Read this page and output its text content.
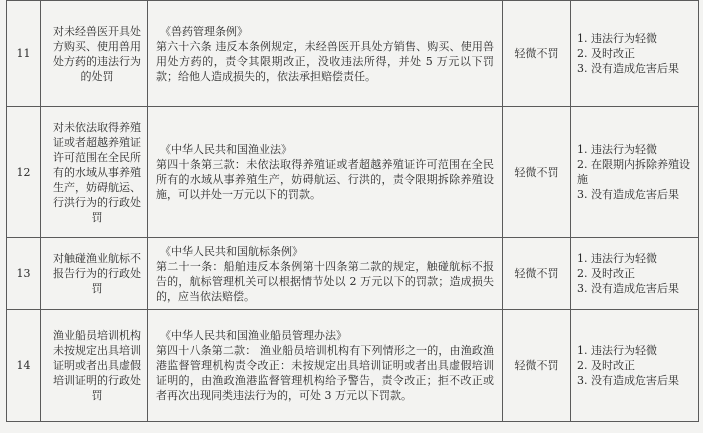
11	对未经兽医开具处方购买、使用兽用处方药的违法行为的处罚	《兽药管理条例》
第六十六条 违反本条例规定，未经兽医开具处方销售、购买、使用兽用处方药的，责令其限期改正，没收违法所得，并处 5 万元以下罚款；给他人造成损失的，依法承担赔偿责任。	轻微不罚	1. 违法行为轻微
2. 及时改正
3. 没有造成危害后果

12	对未依法取得养殖证或者超越养殖证许可范围在全民所有的水域从事养殖生产，妨碍航运、行洪行为的行政处罚	《中华人民共和国渔业法》
第四十条第三款：未依法取得养殖证或者超越养殖证许可范围在全民所有的水域从事养殖生产，妨碍航运、行洪的，责令限期拆除养殖设施，可以并处一万元以下的罚款。	轻微不罚	1. 违法行为轻微
2. 在限期内拆除养殖设施
3. 没有造成危害后果

13	对触碰渔业航标不报告行为的行政处罚	《中华人民共和国航标条例》
第二十一条：船舶违反本条例第十四条第二款的规定，触碰航标不报告的，航标管理机关可以根据情节处以 2 万元以下的罚款；造成损失的，应当依法赔偿。	轻微不罚	1. 违法行为轻微
2. 及时改正
3. 没有造成危害后果

14	渔业船员培训机构未按规定出具培训证明或者出具虚假培训证明的行政处罚	《中华人民共和国渔业船员管理办法》
第四十八条第二款： 渔业船员培训机构有下列情形之一的，由渔政渔港监督管理机构责令改正：未按规定出具培训证明或者出具虚假培训证明的，由渔政渔港监督管理机构给予警告，责令改正；拒不改正或者再次出现同类违法行为的，可处 3 万元以下罚款。	轻微不罚	1. 违法行为轻微
2. 及时改正
3. 没有造成危害后果
